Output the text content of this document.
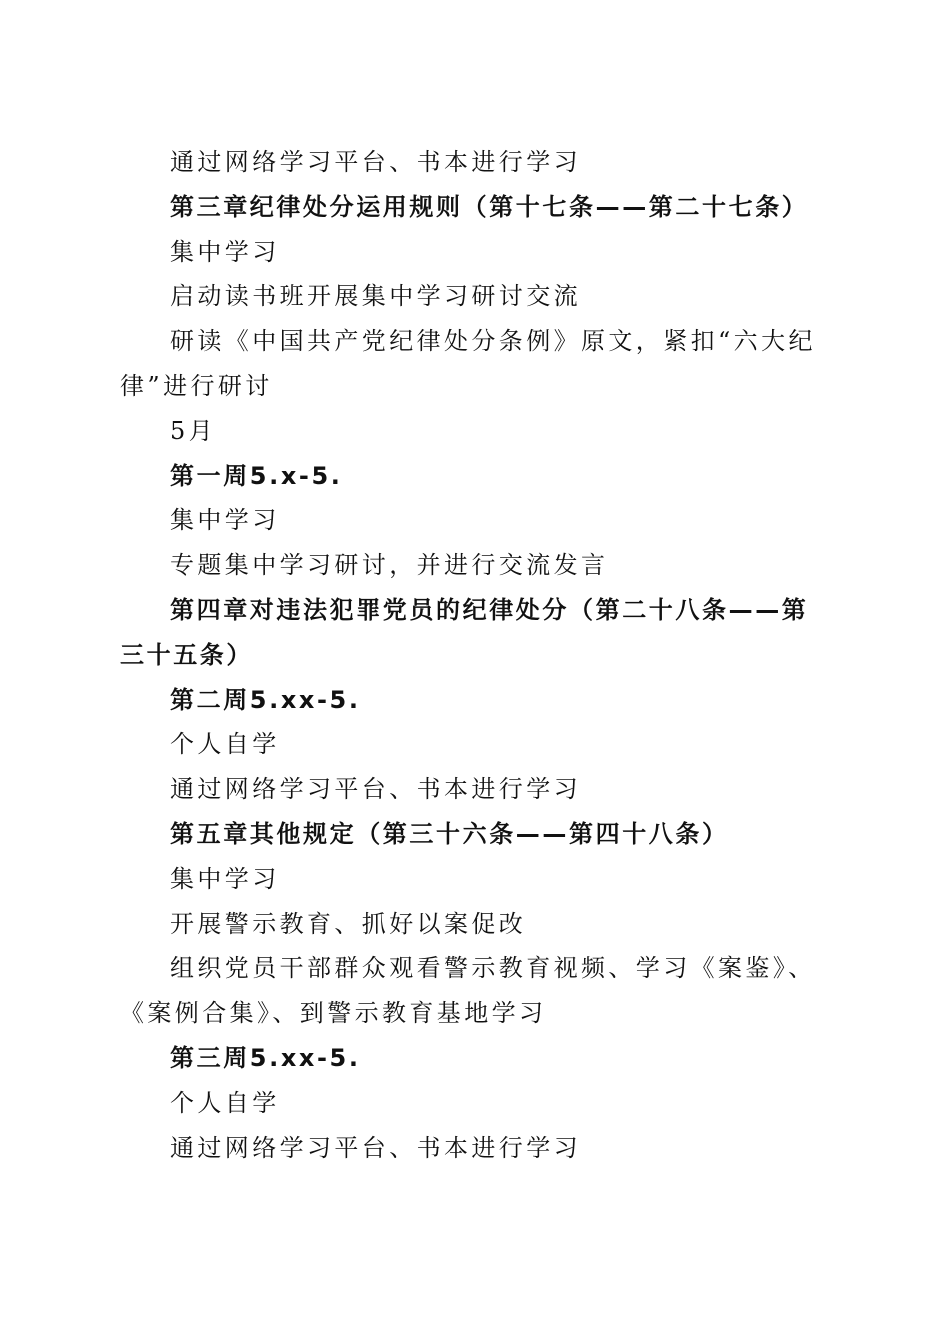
通过网络学习平台、书本进行学习

第三章纪律处分运用规则（第十七条——第二十七条）

集中学习

启动读书班开展集中学习研讨交流

研读《中国共产党纪律处分条例》原文，紧扣“六大纪律”进行研讨

5月

第一周5.x-5.

集中学习

专题集中学习研讨，并进行交流发言

第四章对违法犯罪党员的纪律处分（第二十八条——第三十五条）

第二周5.xx-5.

个人自学

通过网络学习平台、书本进行学习

第五章其他规定（第三十六条——第四十八条）

集中学习

开展警示教育、抓好以案促改

组织党员干部群众观看警示教育视频、学习《案鉴》、《案例合集》、到警示教育基地学习

第三周5.xx-5.

个人自学

通过网络学习平台、书本进行学习
